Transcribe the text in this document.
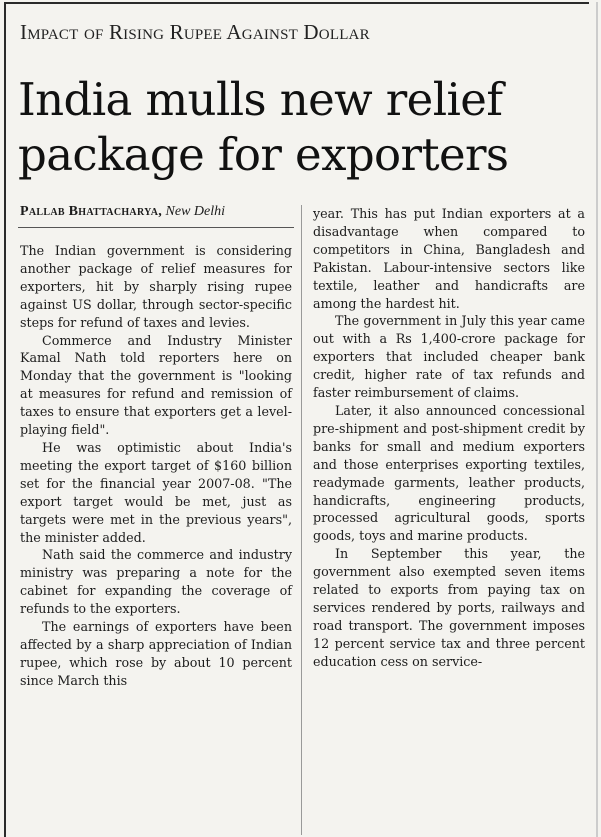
Impact of Rising Rupee Against Dollar
India mulls new relief
package for exporters
Pallab Bhattacharya, New Delhi

The Indian government is considering another package of relief measures for exporters, hit by sharply rising rupee against US dollar, through sector-specific steps for refund of taxes and levies.

Commerce and Industry Minister Kamal Nath told reporters here on Monday that the government is "looking at measures for refund and remission of taxes to ensure that exporters get a level-playing field".

He was optimistic about India's meeting the export target of $160 billion set for the financial year 2007-08. "The export target would be met, just as targets were met in the previous years", the minister added.

Nath said the commerce and industry ministry was preparing a note for the cabinet for expanding the coverage of refunds to the exporters.

The earnings of exporters have been affected by a sharp appreciation of Indian rupee, which rose by about 10 percent since March this

year. This has put Indian exporters at a disadvantage when compared to competitors in China, Bangladesh and Pakistan. Labour-intensive sectors like textile, leather and handicrafts are among the hardest hit.

The government in July this year came out with a Rs 1,400-crore package for exporters that included cheaper bank credit, higher rate of tax refunds and faster reimbursement of claims.

Later, it also announced concessional pre-shipment and post-shipment credit by banks for small and medium exporters and those enterprises exporting textiles, readymade garments, leather products, handicrafts, engineering products, processed agricultural goods, sports goods, toys and marine products.

In September this year, the government also exempted seven items related to exports from paying tax on services rendered by ports, railways and road transport. The government imposes 12 percent service tax and three percent education cess on service-
